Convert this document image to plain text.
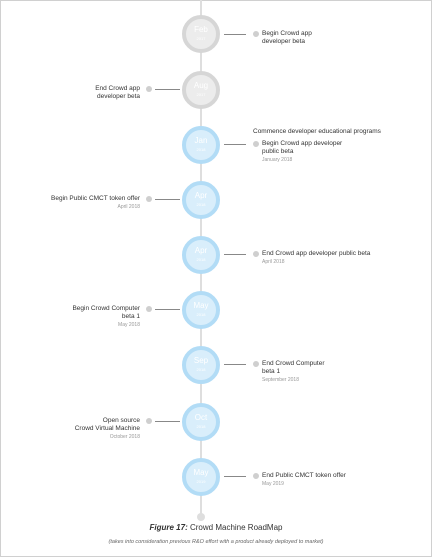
Feb
2017
Begin Crowd app
developer beta
Aug
2017
End Crowd app
developer beta
Jan
2018
Commence developer educational programs
Begin Crowd app developer
public beta
January 2018
Apr
2018
Begin Public CMCT token offer
April 2018
Apr
2018
End Crowd app developer public beta
April 2018
May
2018
Begin Crowd Computer
beta 1
May 2018
Sep
2018
End Crowd Computer
beta 1
September 2018
Oct
2018
Open source
Crowd Virtual Machine
October 2018
May
2019
End Public CMCT token offer
May 2019
Figure 17: Crowd Machine RoadMap
(takes into consideration previous R&O effort with a product already deployed to market)
